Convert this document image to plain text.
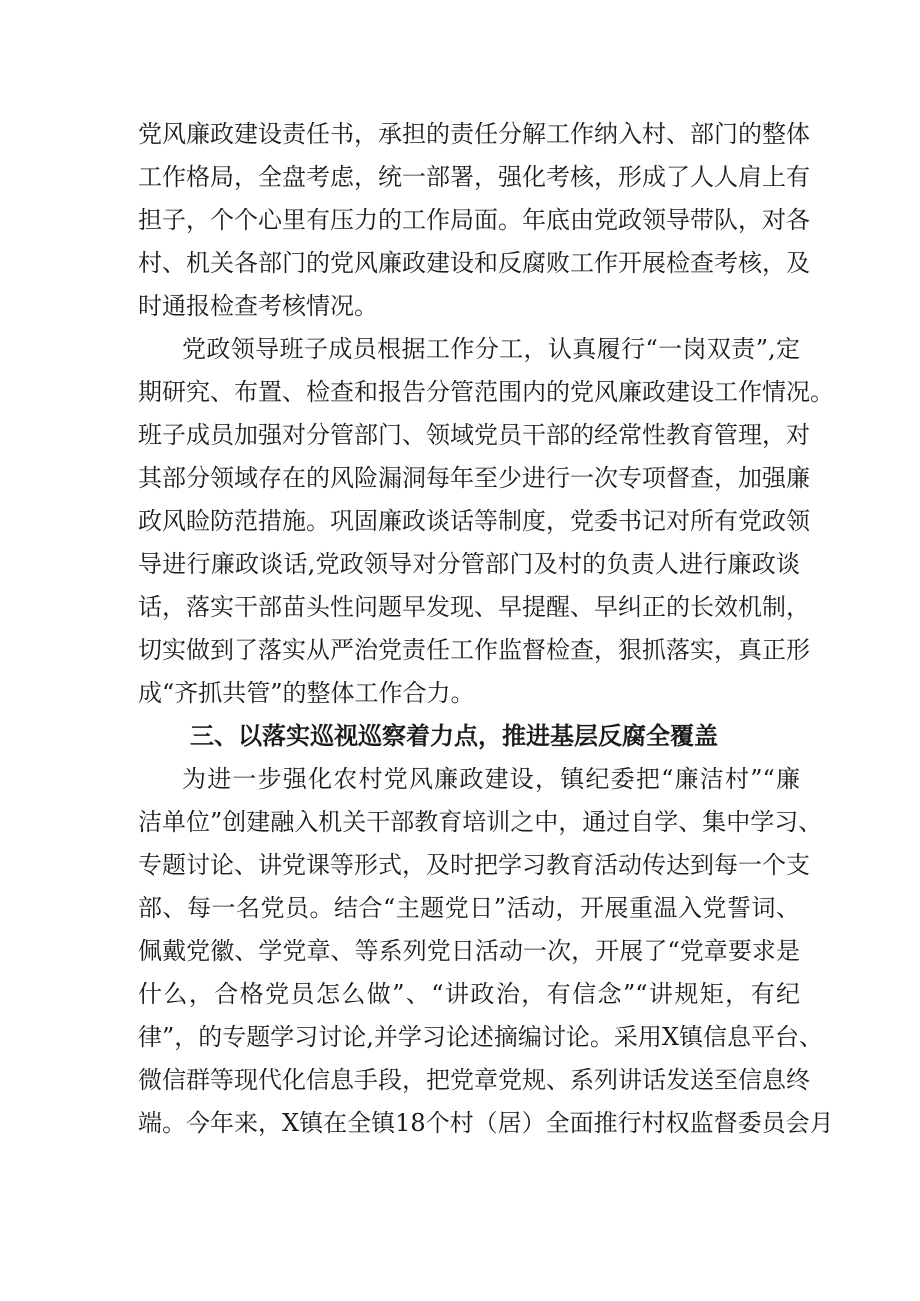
党风廉政建设责任书，承担的责任分解工作纳入村、部门的整体
工作格局，全盘考虑，统一部署，强化考核，形成了人人肩上有
担子，个个心里有压力的工作局面。年底由党政领导带队，对各
村、机关各部门的党风廉政建设和反腐败工作开展检查考核，及
时通报检查考核情况。
党政领导班子成员根据工作分工，认真履行“一岗双责”,定
期研究、布置、检查和报告分管范围内的党风廉政建设工作情况。
班子成员加强对分管部门、领域党员干部的经常性教育管理，对
其部分领域存在的风险漏洞每年至少进行一次专项督查，加强廉
政风睑防范措施。巩固廉政谈话等制度，党委书记对所有党政领
导进行廉政谈话,党政领导对分管部门及村的负责人进行廉政谈
话，落实干部苗头性问题早发现、早提醒、早纠正的长效机制，
切实做到了落实从严治党责任工作监督检查，狠抓落实，真正形
成“齐抓共管”的整体工作合力。
三、以落实巡视巡察着力点，推进基层反腐全覆盖
为进一步强化农村党风廉政建设，镇纪委把“廉洁村”“廉
洁单位”创建融入机关干部教育培训之中，通过自学、集中学习、
专题讨论、讲党课等形式，及时把学习教育活动传达到每一个支
部、每一名党员。结合“主题党日”活动，开展重温入党誓词、
佩戴党徽、学党章、等系列党日活动一次，开展了“党章要求是
什么，合格党员怎么做”、“讲政治，有信念”“讲规矩，有纪
律”，的专题学习讨论,并学习论述摘编讨论。采用X镇信息平台、
微信群等现代化信息手段，把党章党规、系列讲话发送至信息终
端。今年来，X镇在全镇18个村（居）全面推行村权监督委员会月
